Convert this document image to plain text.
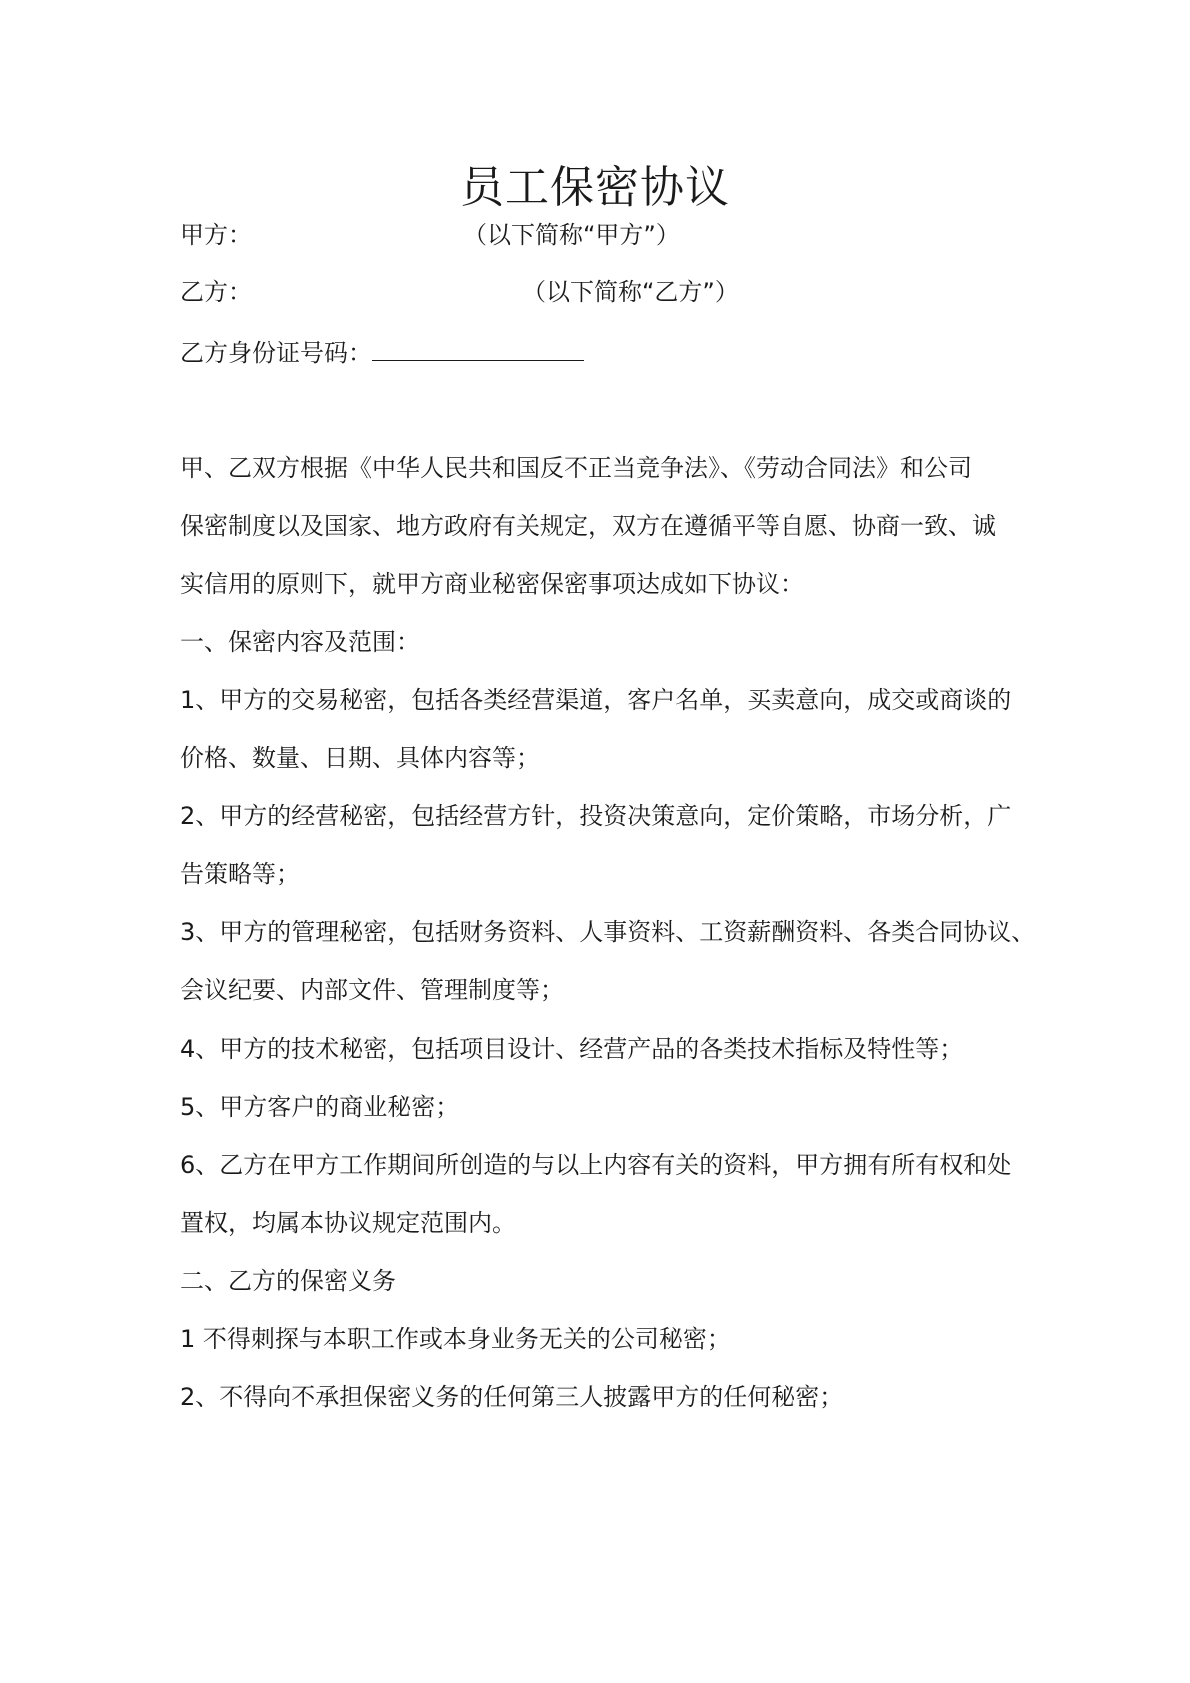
员工保密协议
甲方：	（以下简称“甲方”）
乙方：	（以下简称“乙方”）
乙方身份证号码：
甲、乙双方根据《中华人民共和国反不正当竞争法》、《劳动合同法》和公司
保密制度以及国家、地方政府有关规定，双方在遵循平等自愿、协商一致、诚
实信用的原则下，就甲方商业秘密保密事项达成如下协议：
一、保密内容及范围：
1、甲方的交易秘密，包括各类经营渠道，客户名单，买卖意向，成交或商谈的
价格、数量、日期、具体内容等；
2、甲方的经营秘密，包括经营方针，投资决策意向，定价策略，市场分析，广
告策略等；
3、甲方的管理秘密，包括财务资料、人事资料、工资薪酬资料、各类合同协议、
会议纪要、内部文件、管理制度等；
4、甲方的技术秘密，包括项目设计、经营产品的各类技术指标及特性等；
5、甲方客户的商业秘密；
6、乙方在甲方工作期间所创造的与以上内容有关的资料，甲方拥有所有权和处
置权，均属本协议规定范围内。
二、乙方的保密义务
1 不得刺探与本职工作或本身业务无关的公司秘密；
2、不得向不承担保密义务的任何第三人披露甲方的任何秘密；
